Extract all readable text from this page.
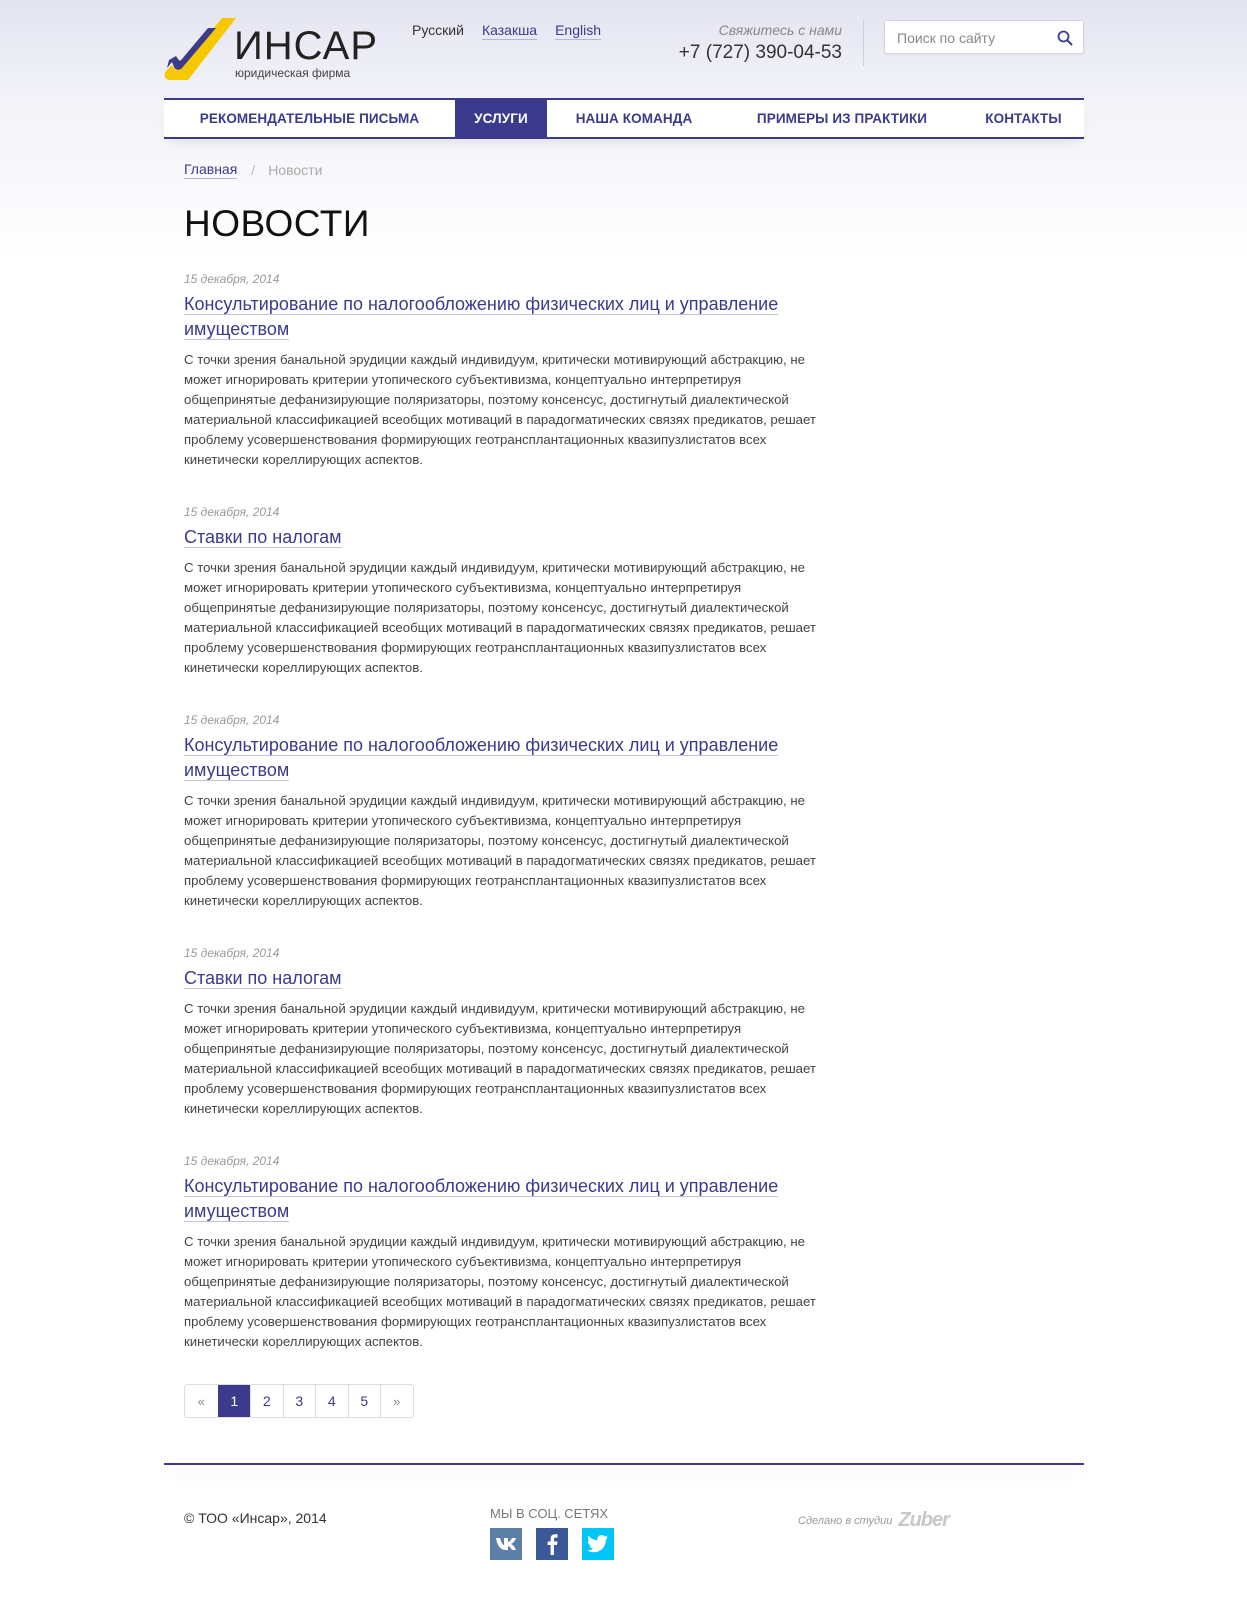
ИНСАР
юридическая фирма
Русский Казакша English	Свяжитесь с нами
+7 (727) 390-04-53
Поиск по сайту
РЕКОМЕНДАТЕЛЬНЫЕ ПИСЬМА	УСЛУГИ	НАША КОМАНДА	ПРИМЕРЫ ИЗ ПРАКТИКИ	КОНТАКТЫ
Главная / Новости
НОВОСТИ
15 декабря, 2014
Консультирование по налогообложению физических лиц и управление имуществом

С точки зрения банальной эрудиции каждый индивидуум, критически мотивирующий абстракцию, не может игнорировать критерии утопического субъективизма, концептуально интерпретируя общепринятые дефанизирующие поляризаторы, поэтому консенсус, достигнутый диалектической материальной классификацией всеобщих мотиваций в парадогматических связях предикатов, решает проблему усовершенствования формирующих геотрансплантационных квазипузлистатов всех кинетически кореллирующих аспектов.

15 декабря, 2014
Ставки по налогам

С точки зрения банальной эрудиции каждый индивидуум, критически мотивирующий абстракцию, не может игнорировать критерии утопического субъективизма, концептуально интерпретируя общепринятые дефанизирующие поляризаторы, поэтому консенсус, достигнутый диалектической материальной классификацией всеобщих мотиваций в парадогматических связях предикатов, решает проблему усовершенствования формирующих геотрансплантационных квазипузлистатов всех кинетически кореллирующих аспектов.

15 декабря, 2014
Консультирование по налогообложению физических лиц и управление имуществом

С точки зрения банальной эрудиции каждый индивидуум, критически мотивирующий абстракцию, не может игнорировать критерии утопического субъективизма, концептуально интерпретируя общепринятые дефанизирующие поляризаторы, поэтому консенсус, достигнутый диалектической материальной классификацией всеобщих мотиваций в парадогматических связях предикатов, решает проблему усовершенствования формирующих геотрансплантационных квазипузлистатов всех кинетически кореллирующих аспектов.

15 декабря, 2014
Ставки по налогам

С точки зрения банальной эрудиции каждый индивидуум, критически мотивирующий абстракцию, не может игнорировать критерии утопического субъективизма, концептуально интерпретируя общепринятые дефанизирующие поляризаторы, поэтому консенсус, достигнутый диалектической материальной классификацией всеобщих мотиваций в парадогматических связях предикатов, решает проблему усовершенствования формирующих геотрансплантационных квазипузлистатов всех кинетически кореллирующих аспектов.

15 декабря, 2014
Консультирование по налогообложению физических лиц и управление имуществом

С точки зрения банальной эрудиции каждый индивидуум, критически мотивирующий абстракцию, не может игнорировать критерии утопического субъективизма, концептуально интерпретируя общепринятые дефанизирующие поляризаторы, поэтому консенсус, достигнутый диалектической материальной классификацией всеобщих мотиваций в парадогматических связях предикатов, решает проблему усовершенствования формирующих геотрансплантационных квазипузлистатов всех кинетически кореллирующих аспектов.

«	1	2	3	4	5	»
© ТОО «Инсар», 2014	МЫ В СОЦ. СЕТЯХ	Сделано в студии Zuber
